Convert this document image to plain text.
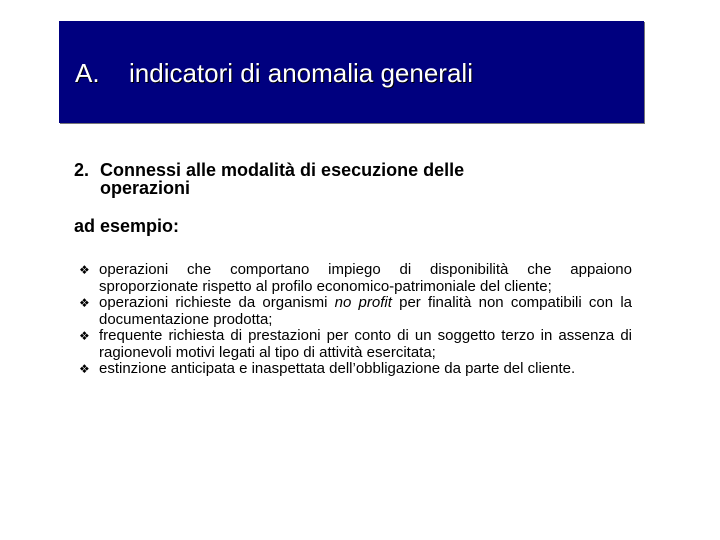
A. indicatori di anomalia generali
2. Connessi alle modalità di esecuzione delle operazioni

ad esempio:

❖ operazioni che comportano impiego di disponibilità che appaiono sproporzionate rispetto al profilo economico-patrimoniale del cliente;
❖ operazioni richieste da organismi no profit per finalità non compatibili con la documentazione prodotta;
❖ frequente richiesta di prestazioni per conto di un soggetto terzo in assenza di ragionevoli motivi legati al tipo di attività esercitata;
❖ estinzione anticipata e inaspettata dell’obbligazione da parte del cliente.
